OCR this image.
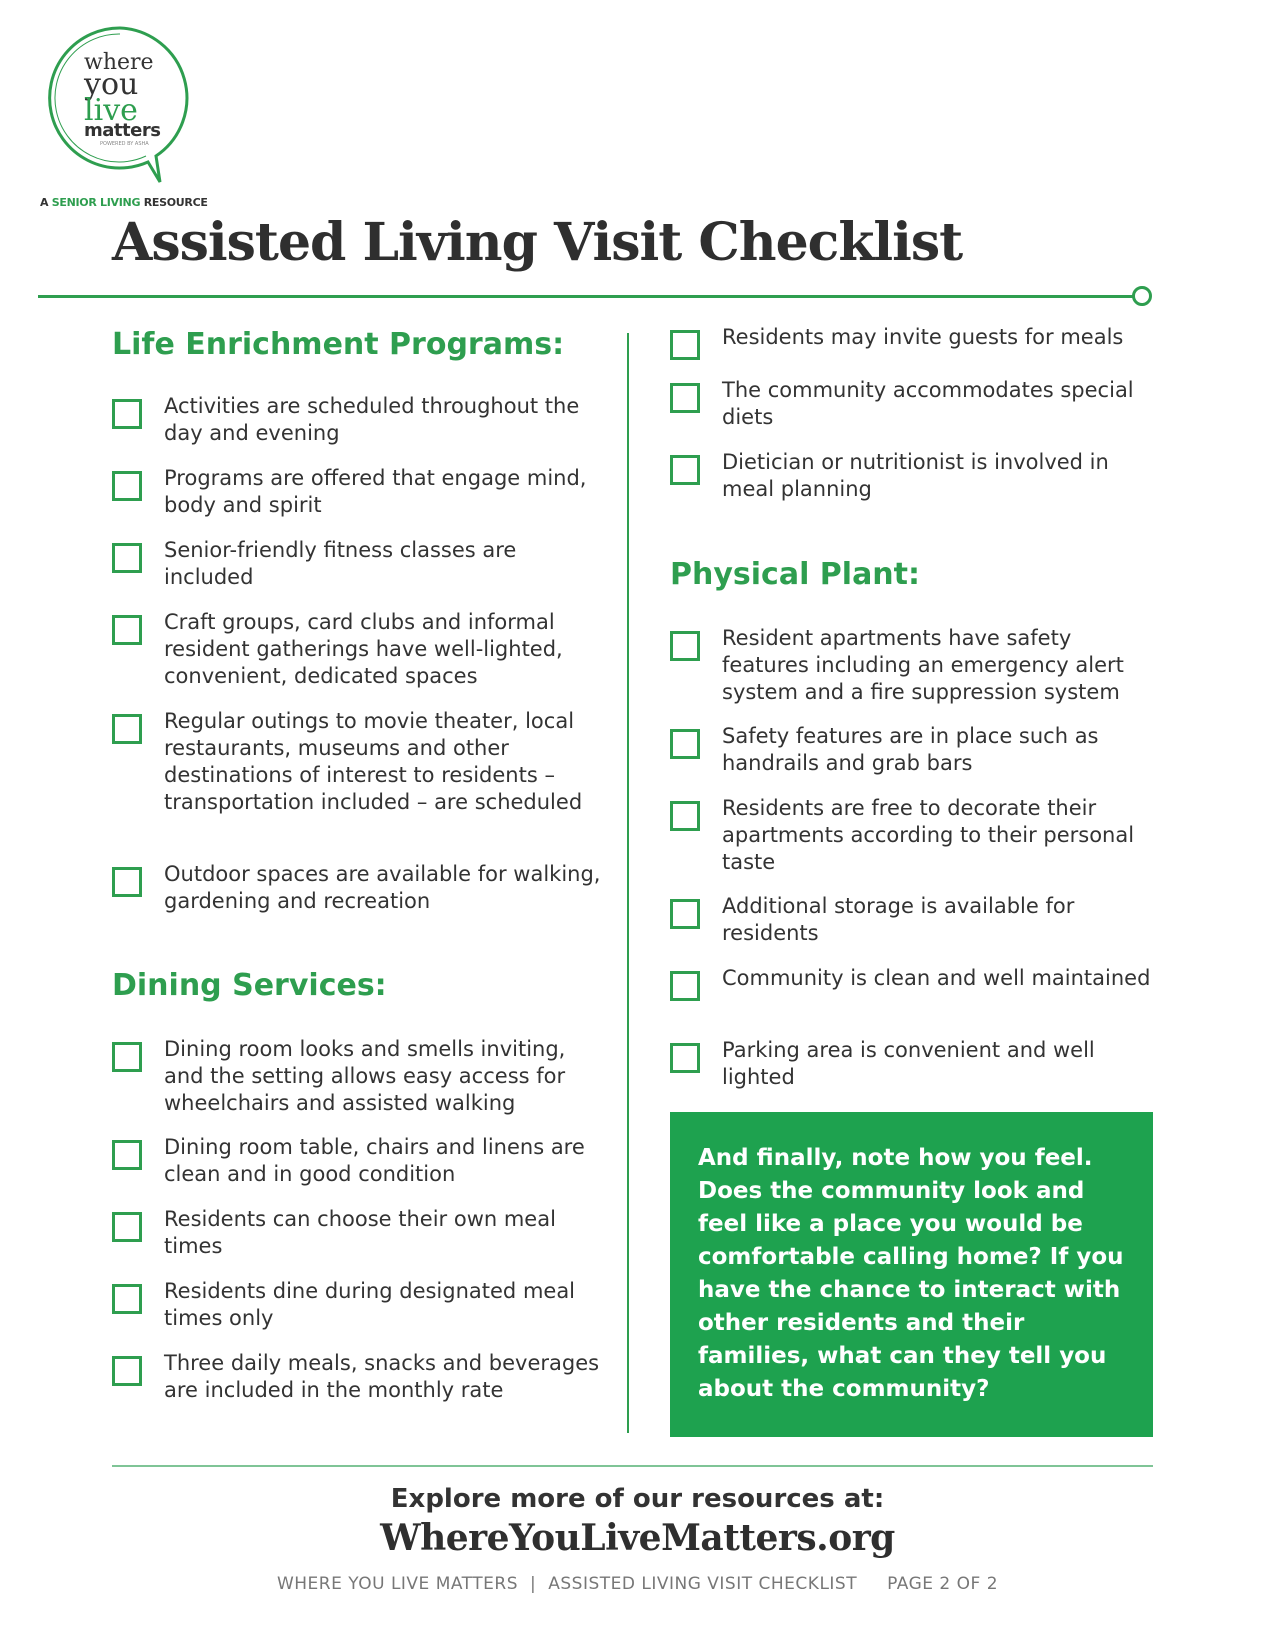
where
you
live
matters
POWERED BY ASHA
A SENIOR LIVING RESOURCE
Assisted Living Visit Checklist
Life Enrichment Programs:
Activities are scheduled throughout the day and evening
Programs are offered that engage mind, body and spirit
Senior-friendly fitness classes are included
Craft groups, card clubs and informal resident gatherings have well-lighted, convenient, dedicated spaces
Regular outings to movie theater, local restaurants, museums and other destinations of interest to residents – transportation included – are scheduled
Outdoor spaces are available for walking, gardening and recreation
Dining Services:
Dining room looks and smells inviting, and the setting allows easy access for wheelchairs and assisted walking
Dining room table, chairs and linens are clean and in good condition
Residents can choose their own meal times
Residents dine during designated meal times only
Three daily meals, snacks and beverages are included in the monthly rate
Residents may invite guests for meals
The community accommodates special diets
Dietician or nutritionist is involved in meal planning
Physical Plant:
Resident apartments have safety features including an emergency alert system and a fire suppression system
Safety features are in place such as handrails and grab bars
Residents are free to decorate their apartments according to their personal taste
Additional storage is available for residents
Community is clean and well maintained
Parking area is convenient and well lighted
And finally, note how you feel. Does the community look and feel like a place you would be comfortable calling home? If you have the chance to interact with other residents and their families, what can they tell you about the community?
Explore more of our resources at:
WhereYouLiveMatters.org
WHERE YOU LIVE MATTERS | ASSISTED LIVING VISIT CHECKLIST PAGE 2 OF 2
